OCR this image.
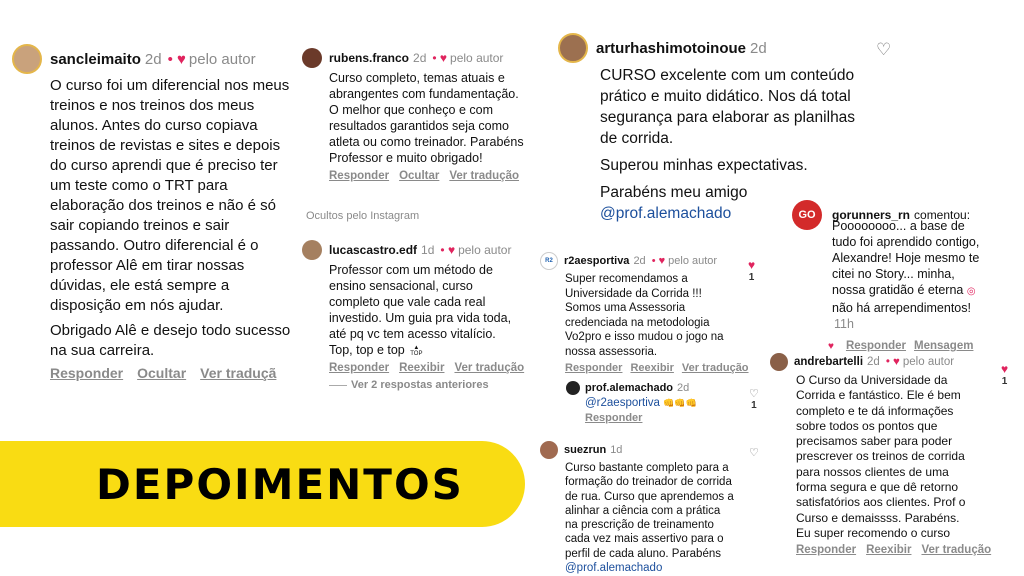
sancleimaito 2d • ♥ pelo autor

O curso foi um diferencial nos meus treinos e nos treinos dos meus alunos. Antes do curso copiava treinos de revistas e sites e depois do curso aprendi que é preciso ter um teste como o TRT para elaboração dos treinos e não é só sair copiando treinos e sair passando. Outro diferencial é o professor Alê em tirar nossas dúvidas, ele está sempre a disposição em nós ajudar.

Obrigado Alê e desejo todo sucesso na sua carreira.

Responder Ocultar Ver traduçã
rubens.franco 2d • ♥ pelo autor

Curso completo, temas atuais e abrangentes com fundamentação. O melhor que conheço e com resultados garantidos seja como atleta ou como treinador. Parabéns Professor e muito obrigado!

Responder Ocultar Ver tradução
Ocultos pelo Instagram
lucascastro.edf 1d • ♥ pelo autor
Professor com um método de ensino sensacional, curso completo que vale cada real investido. Um guia pra vida toda, até pq vc tem acesso vitalício. Top, top e top ▲
TOP
Responder Reexibir Ver tradução
Ver 2 respostas anteriores
arturhashimotoinoue 2d

CURSO excelente com um conteúdo prático e muito didático. Nos dá total segurança para elaborar as planilhas de corrida.

Superou minhas expectativas.

Parabéns meu amigo

@prof.alemachado

♡
R2	r2aesportiva 2d • ♥ pelo autor

Super recomendamos a Universidade da Corrida !!! Somos uma Assessoria credenciada na metodologia Vo2pro e isso mudou o jogo na nossa assessoria.

Responder Reexibir Ver tradução
♥
1
prof.alemachado 2d
@r2aesportiva 👊👊👊
Responder
♡
1
suezrun 1d
Curso bastante completo para a formação do treinador de corrida de rua. Curso que aprendemos a alinhar a ciência com a prática na prescrição de treinamento cada vez mais assertivo para o perfil de cada aluno. Parabéns
@prof.alemachado
♡
GO gorunners_rn comentou:
Poooooooo... a base de tudo foi aprendido contigo, Alexandre! Hoje mesmo te citei no Story... minha, nossa gratidão é eterna ◎ não há arrependimentos! 11h
♥ Responder Mensagem
andrebartelli 2d • ♥ pelo autor

O Curso da Universidade da Corrida e fantástico. Ele é bem completo e te dá informações sobre todos os pontos que precisamos saber para poder prescrever os treinos de corrida para nossos clientes de uma forma segura e que dê retorno satisfatórios aos clientes. Prof o Curso e demaissss. Parabéns. Eu super recomendo o curso

Responder Reexibir Ver tradução
♥
1
DEPOIMENTOS
